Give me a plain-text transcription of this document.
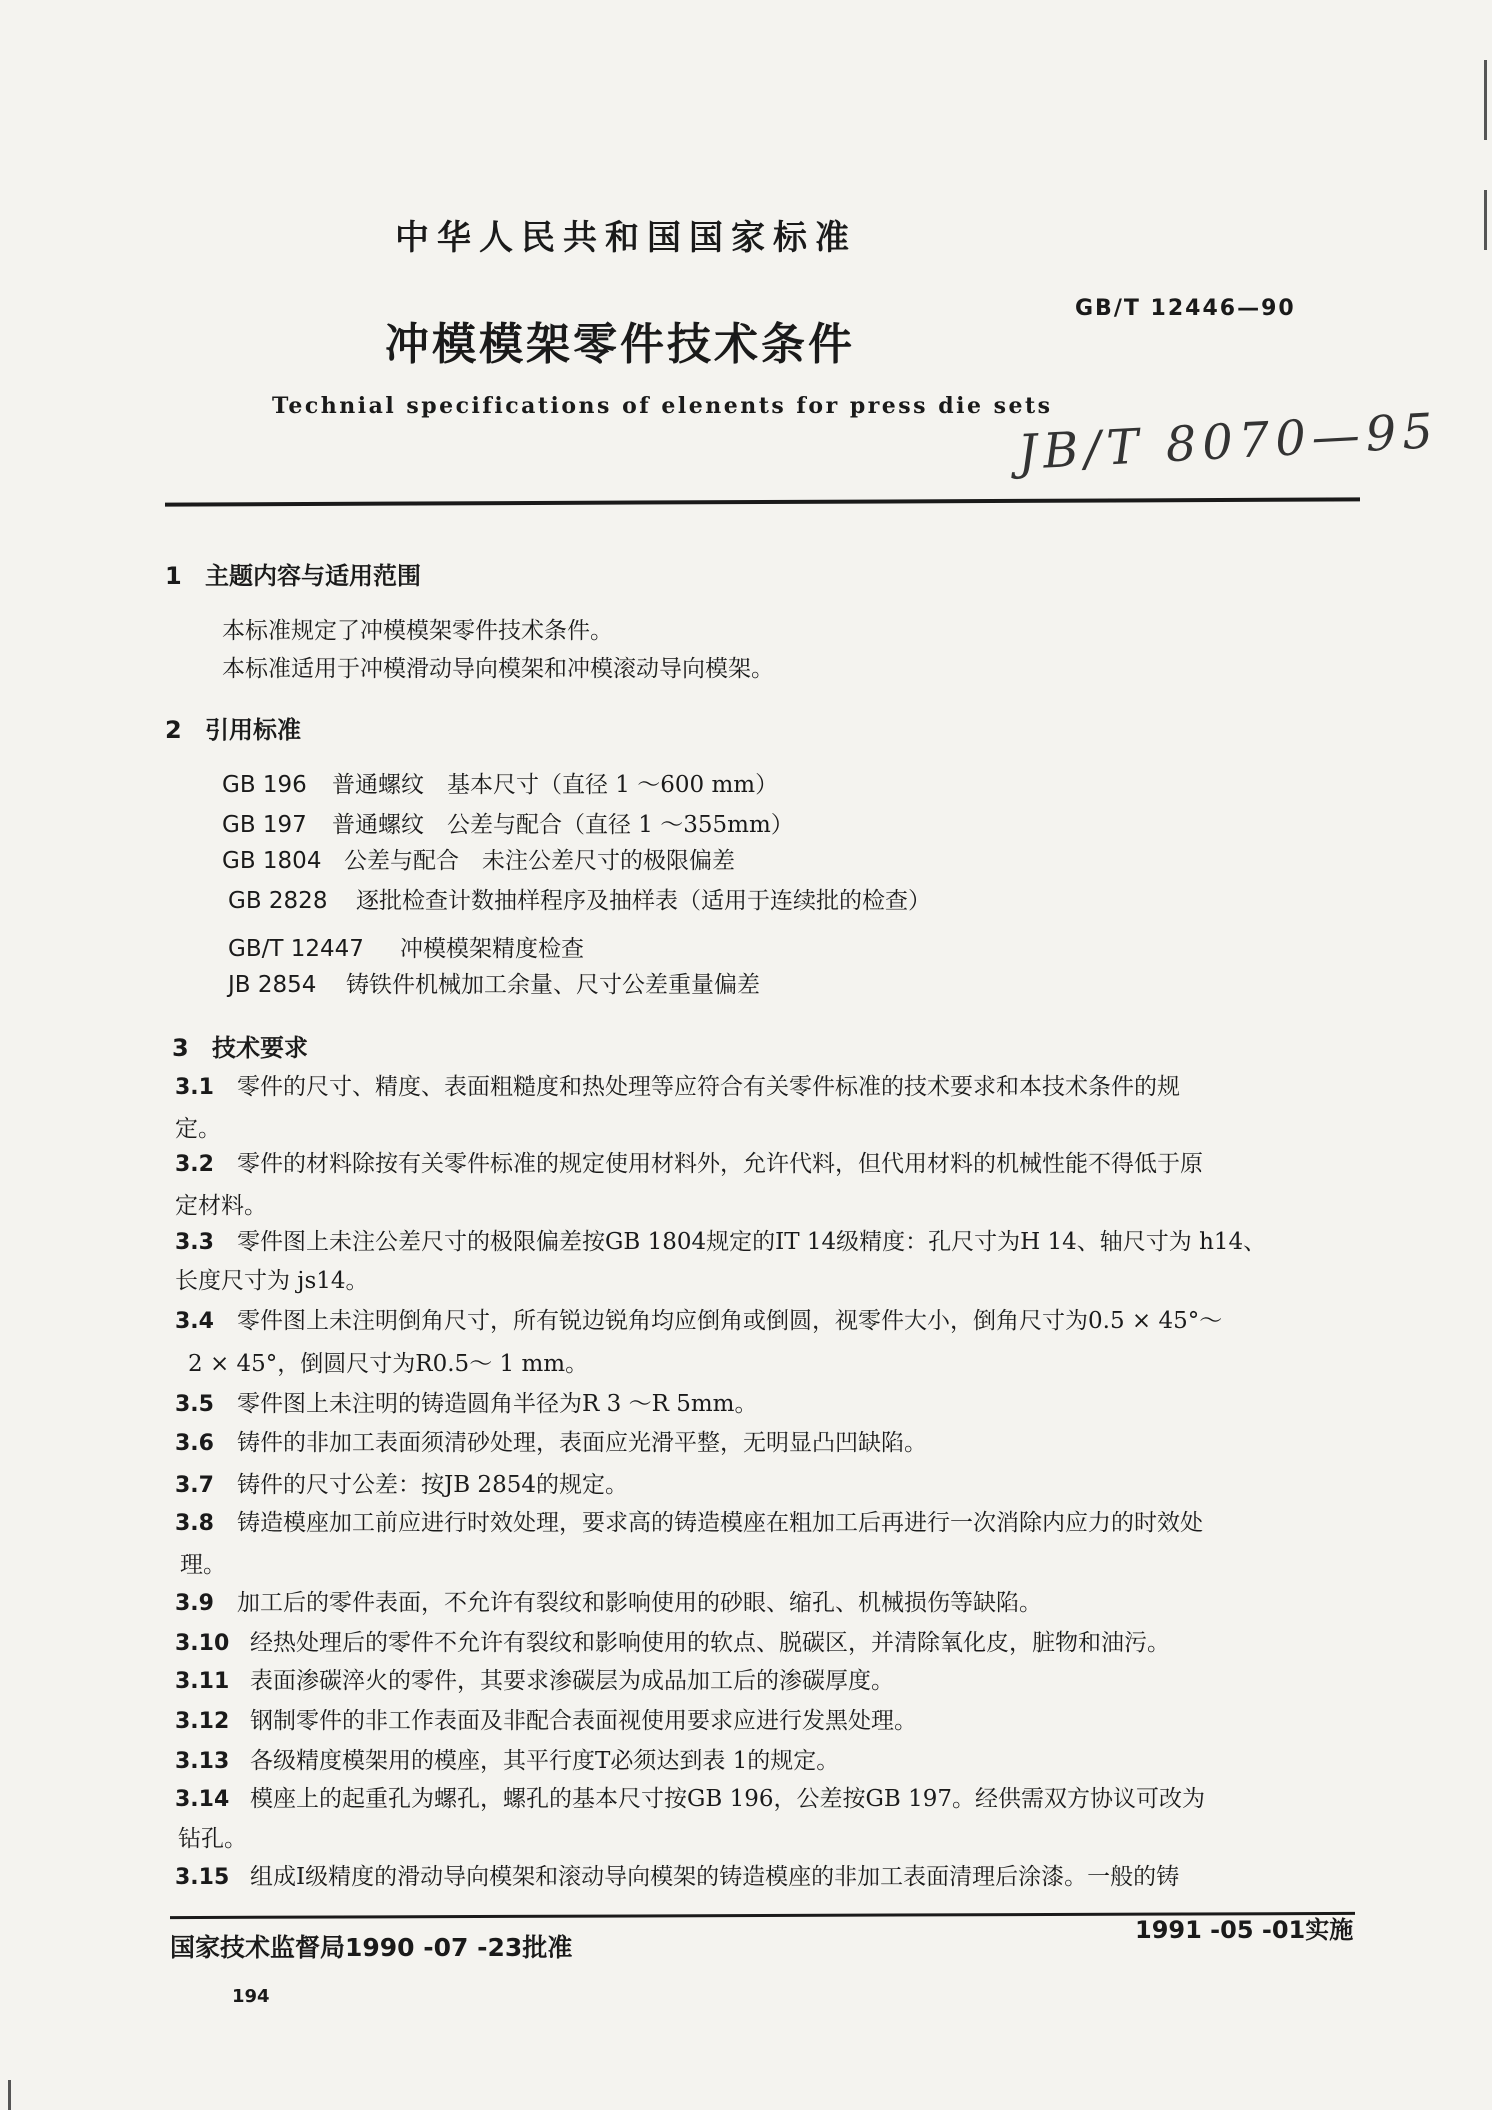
中华人民共和国国家标准
GB/T 12446—90
冲模模架零件技术条件
Technial specifications of elenents for press die sets
JB/T 8070—95
1 主题内容与适用范围
本标准规定了冲模模架零件技术条件。
本标准适用于冲模滑动导向模架和冲模滚动导向模架。
2 引用标准
GB 196 普通螺纹　基本尺寸（直径 1 ～600 mm）
GB 197 普通螺纹　公差与配合（直径 1 ～355mm）
GB 1804 公差与配合　未注公差尺寸的极限偏差
GB 2828 逐批检查计数抽样程序及抽样表（适用于连续批的检查）
GB/T 12447 冲模模架精度检查
JB 2854 铸铁件机械加工余量、尺寸公差重量偏差
3 技术要求
3.1 零件的尺寸、精度、表面粗糙度和热处理等应符合有关零件标准的技术要求和本技术条件的规
定。
3.2 零件的材料除按有关零件标准的规定使用材料外，允许代料，但代用材料的机械性能不得低于原
定材料。
3.3 零件图上未注公差尺寸的极限偏差按GB 1804规定的IT 14级精度：孔尺寸为H 14、轴尺寸为 h14、
长度尺寸为 js14。
3.4 零件图上未注明倒角尺寸，所有锐边锐角均应倒角或倒圆，视零件大小，倒角尺寸为0.5 × 45°～
2 × 45°，倒圆尺寸为R0.5～ 1 mm。
3.5 零件图上未注明的铸造圆角半径为R 3 ～R 5mm。
3.6 铸件的非加工表面须清砂处理，表面应光滑平整，无明显凸凹缺陷。
3.7 铸件的尺寸公差：按JB 2854的规定。
3.8 铸造模座加工前应进行时效处理，要求高的铸造模座在粗加工后再进行一次消除内应力的时效处
理。
3.9 加工后的零件表面，不允许有裂纹和影响使用的砂眼、缩孔、机械损伤等缺陷。
3.10 经热处理后的零件不允许有裂纹和影响使用的软点、脱碳区，并清除氧化皮，脏物和油污。
3.11 表面渗碳淬火的零件，其要求渗碳层为成品加工后的渗碳厚度。
3.12 钢制零件的非工作表面及非配合表面视使用要求应进行发黑处理。
3.13 各级精度模架用的模座，其平行度T必须达到表 1的规定。
3.14 模座上的起重孔为螺孔，螺孔的基本尺寸按GB 196，公差按GB 197。经供需双方协议可改为
钻孔。
3.15 组成Ⅰ级精度的滑动导向模架和滚动导向模架的铸造模座的非加工表面清理后涂漆。一般的铸
1991 -05 -01实施
国家技术监督局1990 -07 -23批准
194
